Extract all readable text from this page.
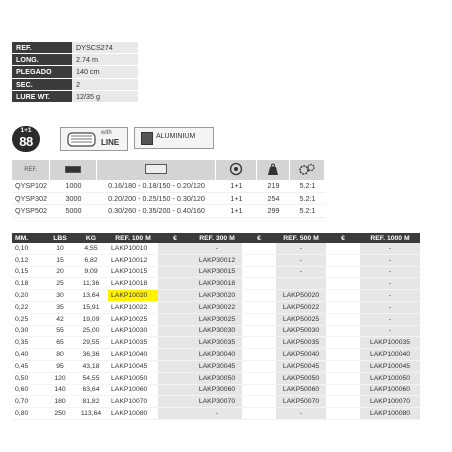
REF.	DYSCS274
LONG.	2.74 m
PLEGADO	140 cm
SEC.	2
LURE WT.	12/35 g
1+1
88
with
LINE
ALUMINIUM
REF.					
QYSP102	1000	0.16/180 - 0.18/150 - 0.20/120	1+1	219	5.2:1
QYSP302	3000	0.20/200 - 0.25/150 - 0.30/120	1+1	254	5.2:1
QYSP502	5000	0.30/260 - 0.35/200 - 0.40/160	1+1	299	5.2:1
MM.	LBS	KG	REF. 100 M	€	REF. 300 M	€	REF. 500 M	€	REF. 1000 M
0,10	10	4,55	LAKP10010		-		-		-
0,12	15	6,82	LAKP10012		LAKP30012		-		-
0,15	20	9,09	LAKP10015		LAKP30015		-		-
0,18	25	11,36	LAKP10018		LAKP30018				-
0,20	30	13,64	LAKP10020		LAKP30020		LAKP50020		-
0,22	35	15,91	LAKP10022		LAKP30022		LAKP50022		-
0,25	42	19,09	LAKP10025		LAKP30025		LAKP50025		-
0,30	55	25,00	LAKP10030		LAKP30030		LAKP50030		-
0,35	65	29,55	LAKP10035		LAKP30035		LAKP50035		LAKP100035
0,40	80	36,36	LAKP10040		LAKP30040		LAKP50040		LAKP100040
0,45	95	43,18	LAKP10045		LAKP30045		LAKP50045		LAKP100045
0,50	120	54,55	LAKP10050		LAKP30050		LAKP50050		LAKP100050
0,60	140	63,64	LAKP10060		LAKP30060		LAKP50060		LAKP100060
0,70	180	81,82	LAKP10070		LAKP30070		LAKP50070		LAKP100070
0,80	250	113,64	LAKP10080		-		-		LAKP100080
